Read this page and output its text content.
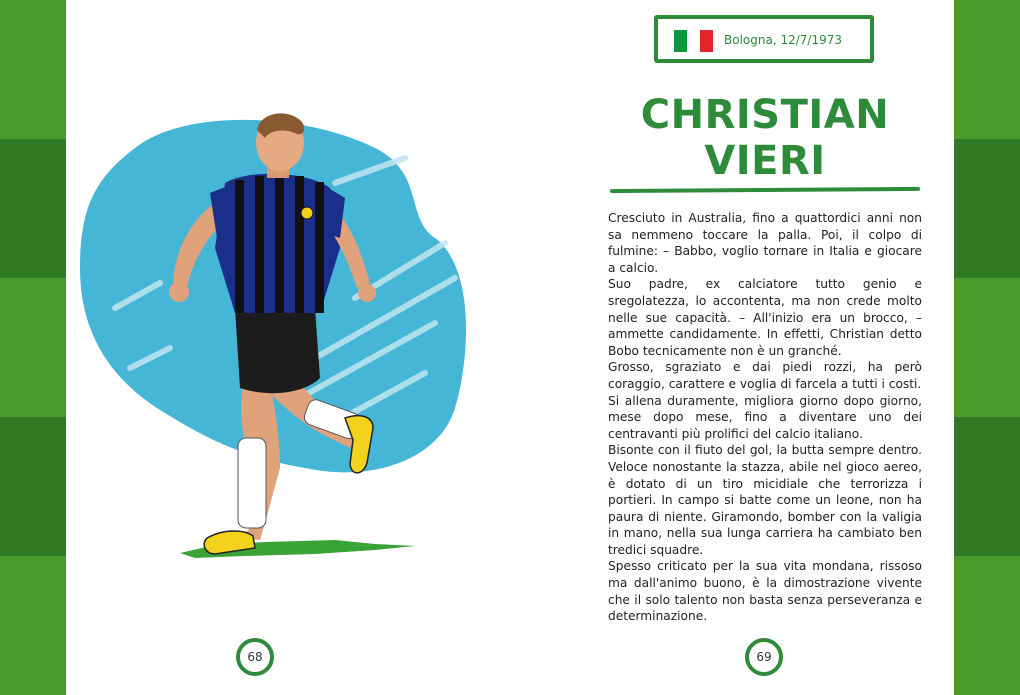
Bologna, 12/7/1973
CHRISTIAN
VIERI

Cresciuto in Australia, fino a quattordici anni non sa nemmeno toccare la palla. Poi, il colpo di fulmine: – Babbo, voglio tornare in Italia e giocare a calcio.

Suo padre, ex calciatore tutto genio e sregolatezza, lo accontenta, ma non crede molto nelle sue capacità. – All'inizio era un brocco, – ammette candidamente. In effetti, Christian detto Bobo tecnicamente non è un granché.

Grosso, sgraziato e dai piedi rozzi, ha però coraggio, carattere e voglia di farcela a tutti i costi.

Si allena duramente, migliora giorno dopo giorno, mese dopo mese, fino a diventare uno dei centravanti più prolifici del calcio italiano.

Bisonte con il fiuto del gol, la butta sempre dentro. Veloce nonostante la stazza, abile nel gioco aereo, è dotato di un tiro micidiale che terrorizza i portieri. In campo si batte come un leone, non ha paura di niente. Giramondo, bomber con la valigia in mano, nella sua lunga carriera ha cambiato ben tredici squadre.

Spesso criticato per la sua vita mondana, rissoso ma dall'animo buono, è la dimostrazione vivente che il solo talento non basta senza perseveranza e determinazione.

68	69
